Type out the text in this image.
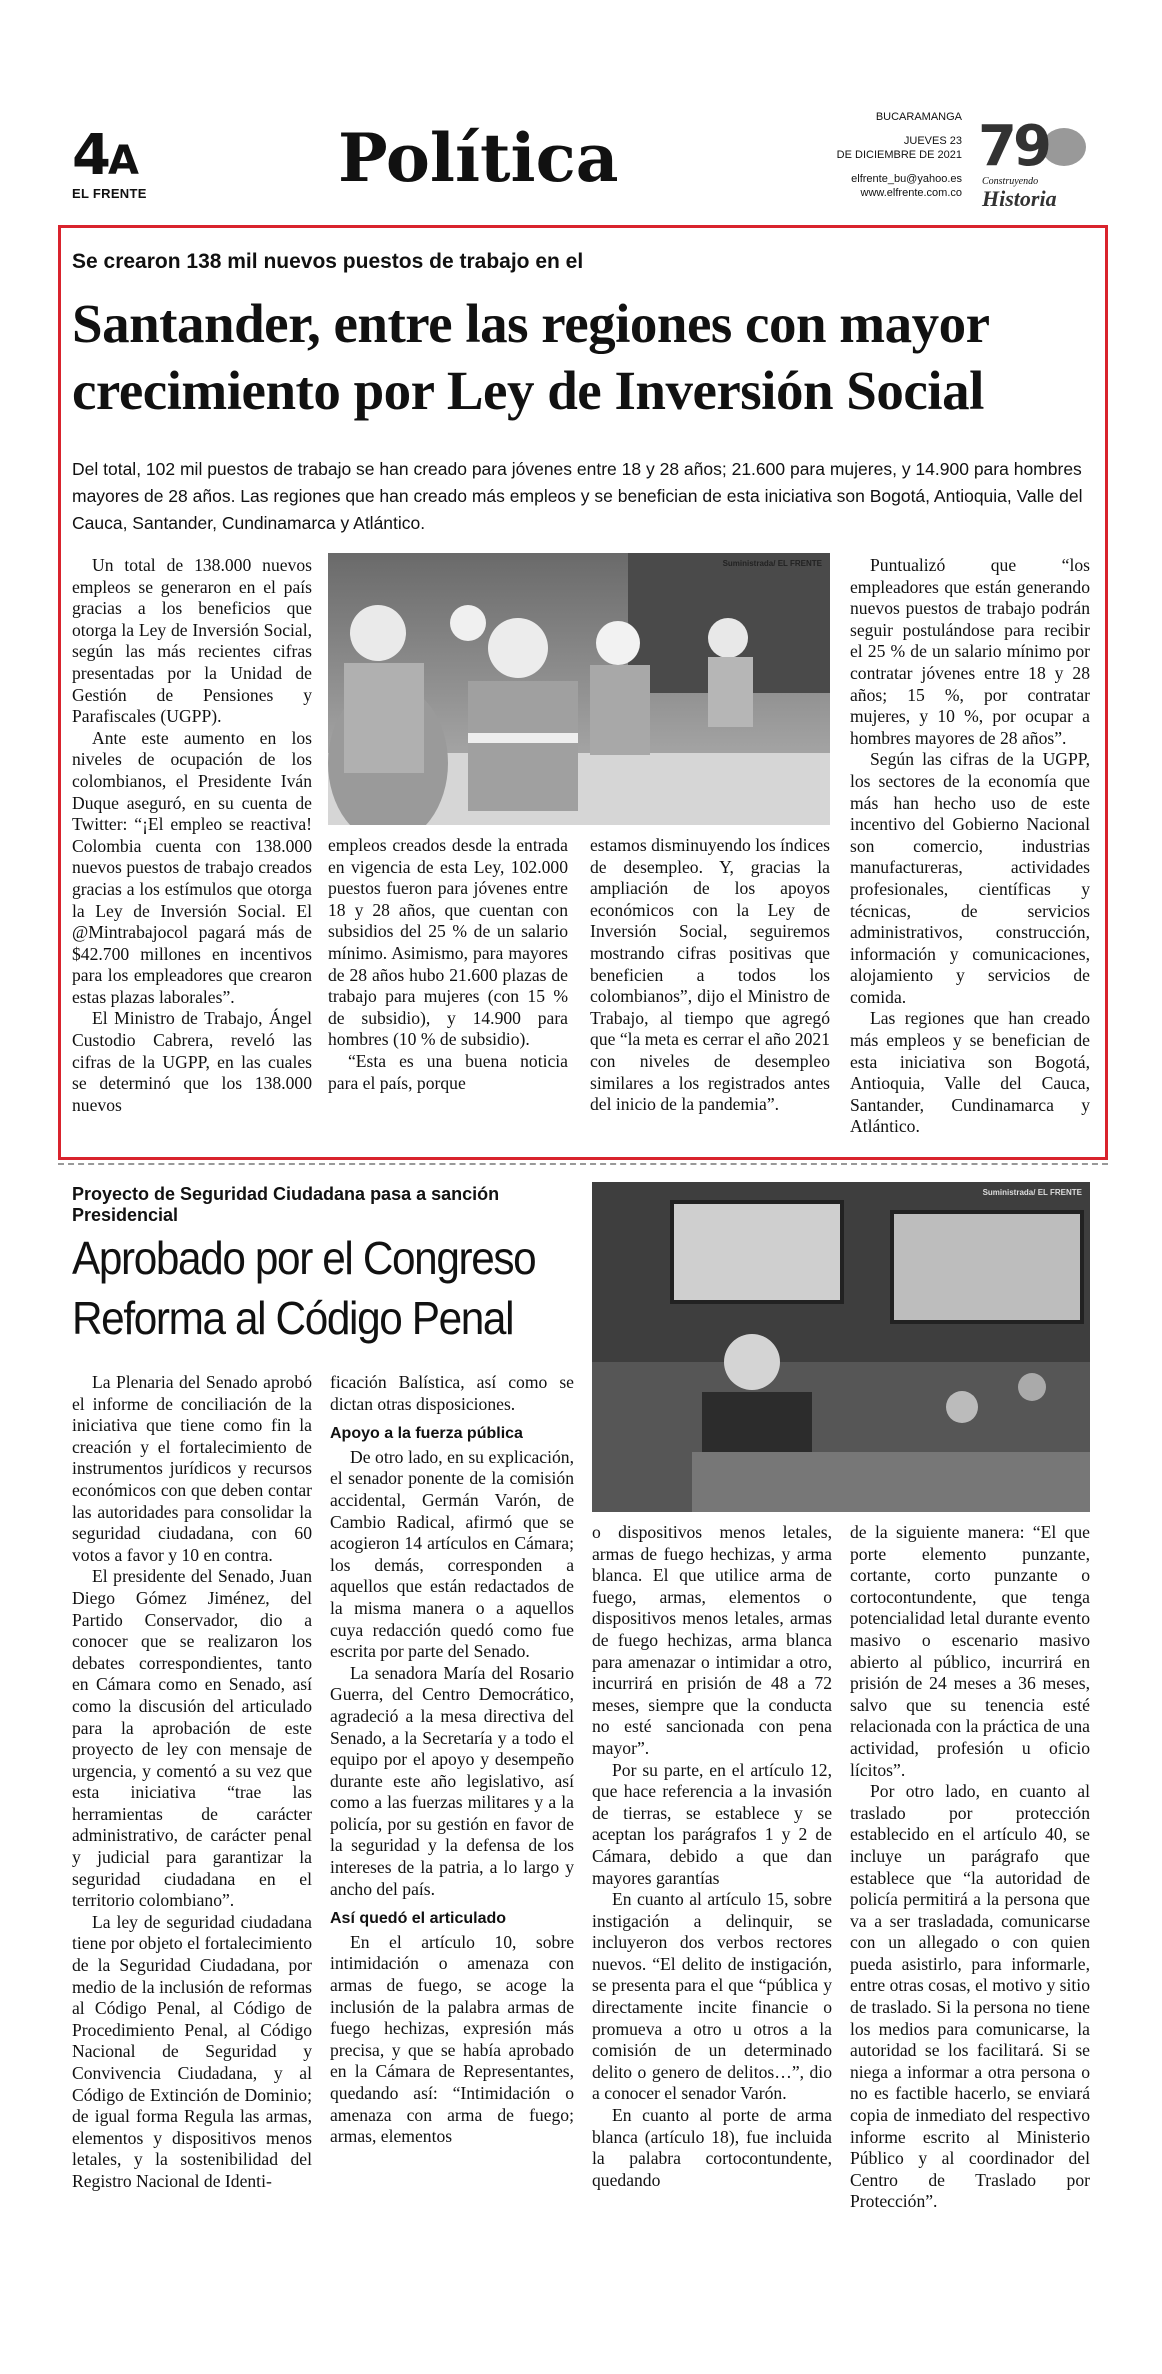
4A
EL FRENTE	Política
BUCARAMANGA
JUEVES 23
DE DICIEMBRE DE 2021
elfrente_bu@yahoo.es
www.elfrente.com.co
79
Construyendo
Historia
Se crearon 138 mil nuevos puestos de trabajo en el
Santander, entre las regiones con mayor
crecimiento por Ley de Inversión Social
Del total, 102 mil puestos de trabajo se han creado para jóvenes entre 18 y 28 años; 21.600 para mujeres, y 14.900 para hombres mayores de 28 años. Las regiones que han creado más empleos y se benefician de esta iniciativa son Bogotá, Antioquia, Valle del Cauca, Santander, Cundinamarca y Atlántico.

Un total de 138.000 nuevos empleos se generaron en el país gracias a los beneficios que otorga la Ley de Inversión Social, según las más recientes cifras presentadas por la Unidad de Gestión de Pensiones y Parafiscales (UGPP).

Ante este aumento en los niveles de ocupación de los colombianos, el Presidente Iván Duque aseguró, en su cuenta de Twitter: “¡El empleo se reactiva! Colombia cuenta con 138.000 nuevos puestos de trabajo creados gracias a los estímulos que otorga la Ley de Inversión Social. El @Mintrabajocol pagará más de $42.700 millones en incentivos para los empleadores que crearon estas plazas laborales”.

El Ministro de Trabajo, Ángel Custodio Cabrera, reveló las cifras de la UGPP, en las cuales se determinó que los 138.000 nuevos

Suministrada/ EL FRENTE

empleos creados desde la entrada en vigencia de esta Ley, 102.000 puestos fueron para jóvenes entre 18 y 28 años, que cuentan con subsidios del 25 % de un salario mínimo. Asimismo, para mayores de 28 años hubo 21.600 plazas de trabajo para mujeres (con 15 % de subsidio), y 14.900 para hombres (10 % de subsidio).

“Esta es una buena noticia para el país, porque

estamos disminuyendo los índices de desempleo. Y, gracias la ampliación de los apoyos económicos con la Ley de Inversión Social, seguiremos mostrando cifras positivas que beneficien a todos los colombianos”, dijo el Ministro de Trabajo, al tiempo que agregó que “la meta es cerrar el año 2021 con niveles de desempleo similares a los registrados antes del inicio de la pandemia”.

Puntualizó que “los empleadores que están generando nuevos puestos de trabajo podrán seguir postulándose para recibir el 25 % de un salario mínimo por contratar jóvenes entre 18 y 28 años; 15 %, por contratar mujeres, y 10 %, por ocupar a hombres mayores de 28 años”.

Según las cifras de la UGPP, los sectores de la economía que más han hecho uso de este incentivo del Gobierno Nacional son comercio, industrias manufactureras, actividades profesionales, científicas y técnicas, de servicios administrativos, construcción, información y comunicaciones, alojamiento y servicios de comida.

Las regiones que han creado más empleos y se benefician de esta iniciativa son Bogotá, Antioquia, Valle del Cauca, Santander, Cundinamarca y Atlántico.

Proyecto de Seguridad Ciudadana pasa a sanción Presidencial
Aprobado por el Congreso
Reforma al Código Penal
Suministrada/ EL FRENTE

La Plenaria del Senado aprobó el informe de conciliación de la iniciativa que tiene como fin la creación y el fortalecimiento de instrumentos jurídicos y recursos económicos con que deben contar las autoridades para consolidar la seguridad ciudadana, con 60 votos a favor y 10 en contra.

El presidente del Senado, Juan Diego Gómez Jiménez, del Partido Conservador, dio a conocer que se realizaron los debates correspondientes, tanto en Cámara como en Senado, así como la discusión del articulado para la aprobación de este proyecto de ley con mensaje de urgencia, y comentó a su vez que esta iniciativa “trae las herramientas de carácter administrativo, de carácter penal y judicial para garantizar la seguridad ciudadana en el territorio colombiano”.

La ley de seguridad ciudadana tiene por objeto el fortalecimiento de la Seguridad Ciudadana, por medio de la inclusión de reformas al Código Penal, al Código de Procedimiento Penal, al Código Nacional de Seguridad y Convivencia Ciudadana, y al Código de Extinción de Dominio; de igual forma Regula las armas, elementos y dispositivos menos letales, y la sostenibilidad del Registro Nacional de Identi-

ficación Balística, así como se dictan otras disposiciones.

Apoyo a la fuerza pública

De otro lado, en su explicación, el senador ponente de la comisión accidental, Germán Varón, de Cambio Radical, afirmó que se acogieron 14 artículos en Cámara; los demás, corresponden a aquellos que están redactados de la misma manera o a aquellos cuya redacción quedó como fue escrita por parte del Senado.

La senadora María del Rosario Guerra, del Centro Democrático, agradeció a la mesa directiva del Senado, a la Secretaría y a todo el equipo por el apoyo y desempeño durante este año legislativo, así como a las fuerzas militares y a la policía, por su gestión en favor de la seguridad y la defensa de los intereses de la patria, a lo largo y ancho del país.

Así quedó el articulado

En el artículo 10, sobre intimidación o amenaza con armas de fuego, se acoge la inclusión de la palabra armas de fuego hechizas, expresión más precisa, y que se había aprobado en la Cámara de Representantes, quedando así: “Intimidación o amenaza con arma de fuego; armas, elementos

o dispositivos menos letales, armas de fuego hechizas, y arma blanca. El que utilice arma de fuego, armas, elementos o dispositivos menos letales, armas de fuego hechizas, arma blanca para amenazar o intimidar a otro, incurrirá en prisión de 48 a 72 meses, siempre que la conducta no esté sancionada con pena mayor”.

Por su parte, en el artículo 12, que hace referencia a la invasión de tierras, se establece y se aceptan los parágrafos 1 y 2 de Cámara, debido a que dan mayores garantías

En cuanto al artículo 15, sobre instigación a delinquir, se incluyeron dos verbos rectores nuevos. “El delito de instigación, se presenta para el que “pública y directamente incite financie o promueva a otro u otros a la comisión de un determinado delito o genero de delitos…”, dio a conocer el senador Varón.

En cuanto al porte de arma blanca (artículo 18), fue incluida la palabra cortocontundente, quedando

de la siguiente manera: “El que porte elemento punzante, cortante, corto punzante o cortocontundente, que tenga potencialidad letal durante evento masivo o escenario masivo abierto al público, incurrirá en prisión de 24 meses a 36 meses, salvo que su tenencia esté relacionada con la práctica de una actividad, profesión u oficio lícitos”.

Por otro lado, en cuanto al traslado por protección establecido en el artículo 40, se incluye un parágrafo que establece que “la autoridad de policía permitirá a la persona que va a ser trasladada, comunicarse con un allegado o con quien pueda asistirlo, para informarle, entre otras cosas, el motivo y sitio de traslado. Si la persona no tiene los medios para comunicarse, la autoridad se los facilitará. Si se niega a informar a otra persona o no es factible hacerlo, se enviará copia de inmediato del respectivo informe escrito al Ministerio Público y al coordinador del Centro de Traslado por Protección”.
